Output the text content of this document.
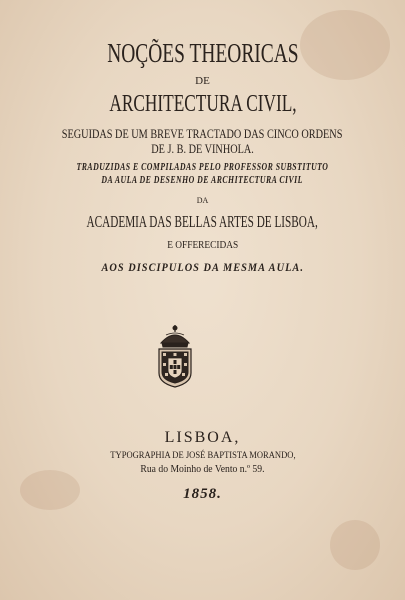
NOÇÕES THEORICAS
DE
ARCHITECTURA CIVIL,
SEGUIDAS DE UM BREVE TRACTADO DAS CINCO ORDENS
DE J. B. DE VINHOLA.
TRADUZIDAS E COMPILADAS PELO PROFESSOR SUBSTITUTO
DA AULA DE DESENHO DE ARCHITECTURA CIVIL
DA
ACADEMIA DAS BELLAS ARTES DE LISBOA,
E OFFERECIDAS
AOS DISCIPULOS DA MESMA AULA.
LISBOA,
TYPOGRAPHIA DE JOSÉ BAPTISTA MORANDO,
Rua do Moinho de Vento n.º 59.
1858.
